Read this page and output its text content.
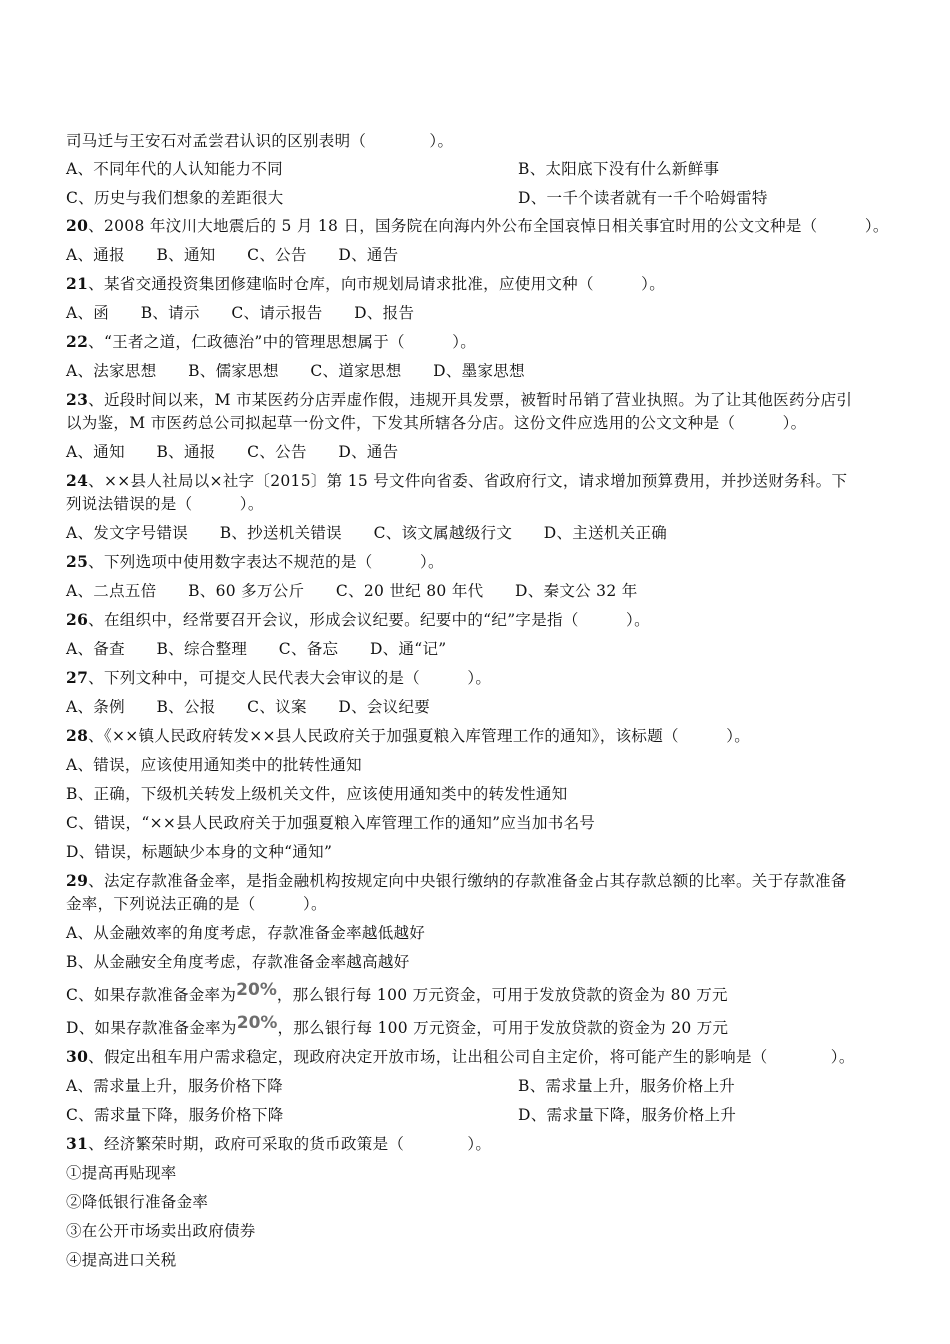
司马迁与王安石对孟尝君认识的区别表明（　　　　）。
A、不同年代的人认知能力不同	B、太阳底下没有什么新鲜事
C、历史与我们想象的差距很大	D、一千个读者就有一千个哈姆雷特
20、2008 年汶川大地震后的 5 月 18 日，国务院在向海内外公布全国哀悼日相关事宜时用的公文文种是（　　　）。
A、通报　　B、通知　　C、公告　　D、通告
21、某省交通投资集团修建临时仓库，向市规划局请求批准，应使用文种（　　　）。
A、函　　B、请示　　C、请示报告　　D、报告
22、“王者之道，仁政德治”中的管理思想属于（　　　）。
A、法家思想　　B、儒家思想　　C、道家思想　　D、墨家思想
23、近段时间以来，M 市某医药分店弄虚作假，违规开具发票，被暂时吊销了营业执照。为了让其他医药分店引
以为鉴，M 市医药总公司拟起草一份文件，下发其所辖各分店。这份文件应选用的公文文种是（　　　）。
A、通知　　B、通报　　C、公告　　D、通告
24、××县人社局以×社字〔2015〕第 15 号文件向省委、省政府行文，请求增加预算费用，并抄送财务科。下
列说法错误的是（　　　）。
A、发文字号错误　　B、抄送机关错误　　C、该文属越级行文　　D、主送机关正确
25、下列选项中使用数字表达不规范的是（　　　）。
A、二点五倍　　B、60 多万公斤　　C、20 世纪 80 年代　　D、秦文公 32 年
26、在组织中，经常要召开会议，形成会议纪要。纪要中的“纪”字是指（　　　）。
A、备查　　B、综合整理　　C、备忘　　D、通“记”
27、下列文种中，可提交人民代表大会审议的是（　　　）。
A、条例　　B、公报　　C、议案　　D、会议纪要
28、《××镇人民政府转发××县人民政府关于加强夏粮入库管理工作的通知》，该标题（　　　）。
A、错误，应该使用通知类中的批转性通知
B、正确，下级机关转发上级机关文件，应该使用通知类中的转发性通知
C、错误，“××县人民政府关于加强夏粮入库管理工作的通知”应当加书名号
D、错误，标题缺少本身的文种“通知”
29、法定存款准备金率，是指金融机构按规定向中央银行缴纳的存款准备金占其存款总额的比率。关于存款准备
金率，下列说法正确的是（　　　）。
A、从金融效率的角度考虑，存款准备金率越低越好
B、从金融安全角度考虑，存款准备金率越高越好
C、如果存款准备金率为20%，那么银行每 100 万元资金，可用于发放贷款的资金为 80 万元
D、如果存款准备金率为20%，那么银行每 100 万元资金，可用于发放贷款的资金为 20 万元
30、假定出租车用户需求稳定，现政府决定开放市场，让出租公司自主定价，将可能产生的影响是（　　　　）。
A、需求量上升，服务价格下降	B、需求量上升，服务价格上升
C、需求量下降，服务价格下降	D、需求量下降，服务价格上升
31、经济繁荣时期，政府可采取的货币政策是（　　　　）。
①提高再贴现率
②降低银行准备金率
③在公开市场卖出政府债券
④提高进口关税
